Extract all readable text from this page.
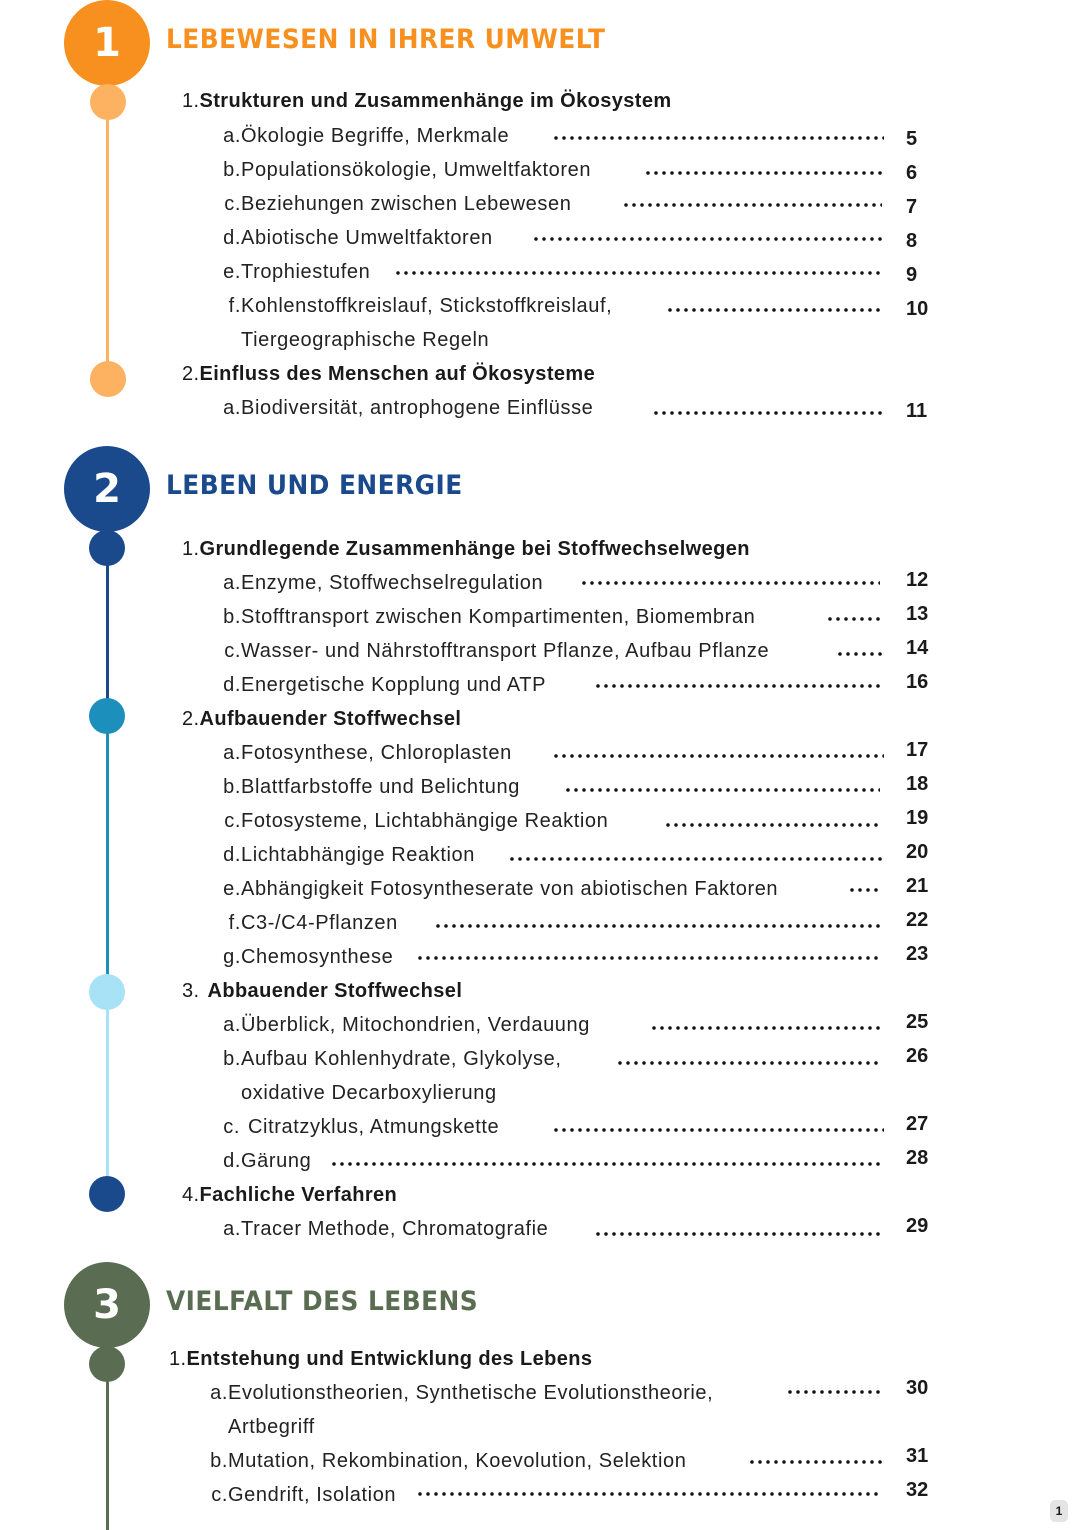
1
2
3
LEBEWESEN IN IHRER UMWELT
LEBEN UND ENERGIE
VIELFALT DES LEBENS
1.Strukturen und Zusammenhänge im Ökosystem
a. Ökologie Begriffe, Merkmale	5
b. Populationsökologie, Umweltfaktoren	6
c. Beziehungen zwischen Lebewesen	7
d. Abiotische Umweltfaktoren	8
e. Trophiestufen	9
f. Kohlenstoffkreislauf, Stickstoffkreislauf,	10
Tiergeographische Regeln
2.Einfluss des Menschen auf Ökosysteme
a. Biodiversität, antrophogene Einflüsse	11
1.Grundlegende Zusammenhänge bei Stoffwechselwegen
a. Enzyme, Stoffwechselregulation	12
b. Stofftransport zwischen Kompartimenten, Biomembran	13
c. Wasser- und Nährstofftransport Pflanze, Aufbau Pflanze	14
d. Energetische Kopplung und ATP	16
2.Aufbauender Stoffwechsel
a. Fotosynthese, Chloroplasten	17
b. Blattfarbstoffe und Belichtung	18
c. Fotosysteme, Lichtabhängige Reaktion	19
d. Lichtabhängige Reaktion	20
e. Abhängigkeit Fotosyntheserate von abiotischen Faktoren	21
f. C3-/C4-Pflanzen	22
g. Chemosynthese	23
3. Abbauender Stoffwechsel
a. Überblick, Mitochondrien, Verdauung	25
b. Aufbau Kohlenhydrate, Glykolyse,	26
oxidative Decarboxylierung
c. Citratzyklus, Atmungskette	27
d. Gärung	28
4.Fachliche Verfahren
a. Tracer Methode, Chromatografie	29
1.Entstehung und Entwicklung des Lebens
a. Evolutionstheorien, Synthetische Evolutionstheorie,	30
Artbegriff
b. Mutation, Rekombination, Koevolution, Selektion	31
c. Gendrift, Isolation	32
1
